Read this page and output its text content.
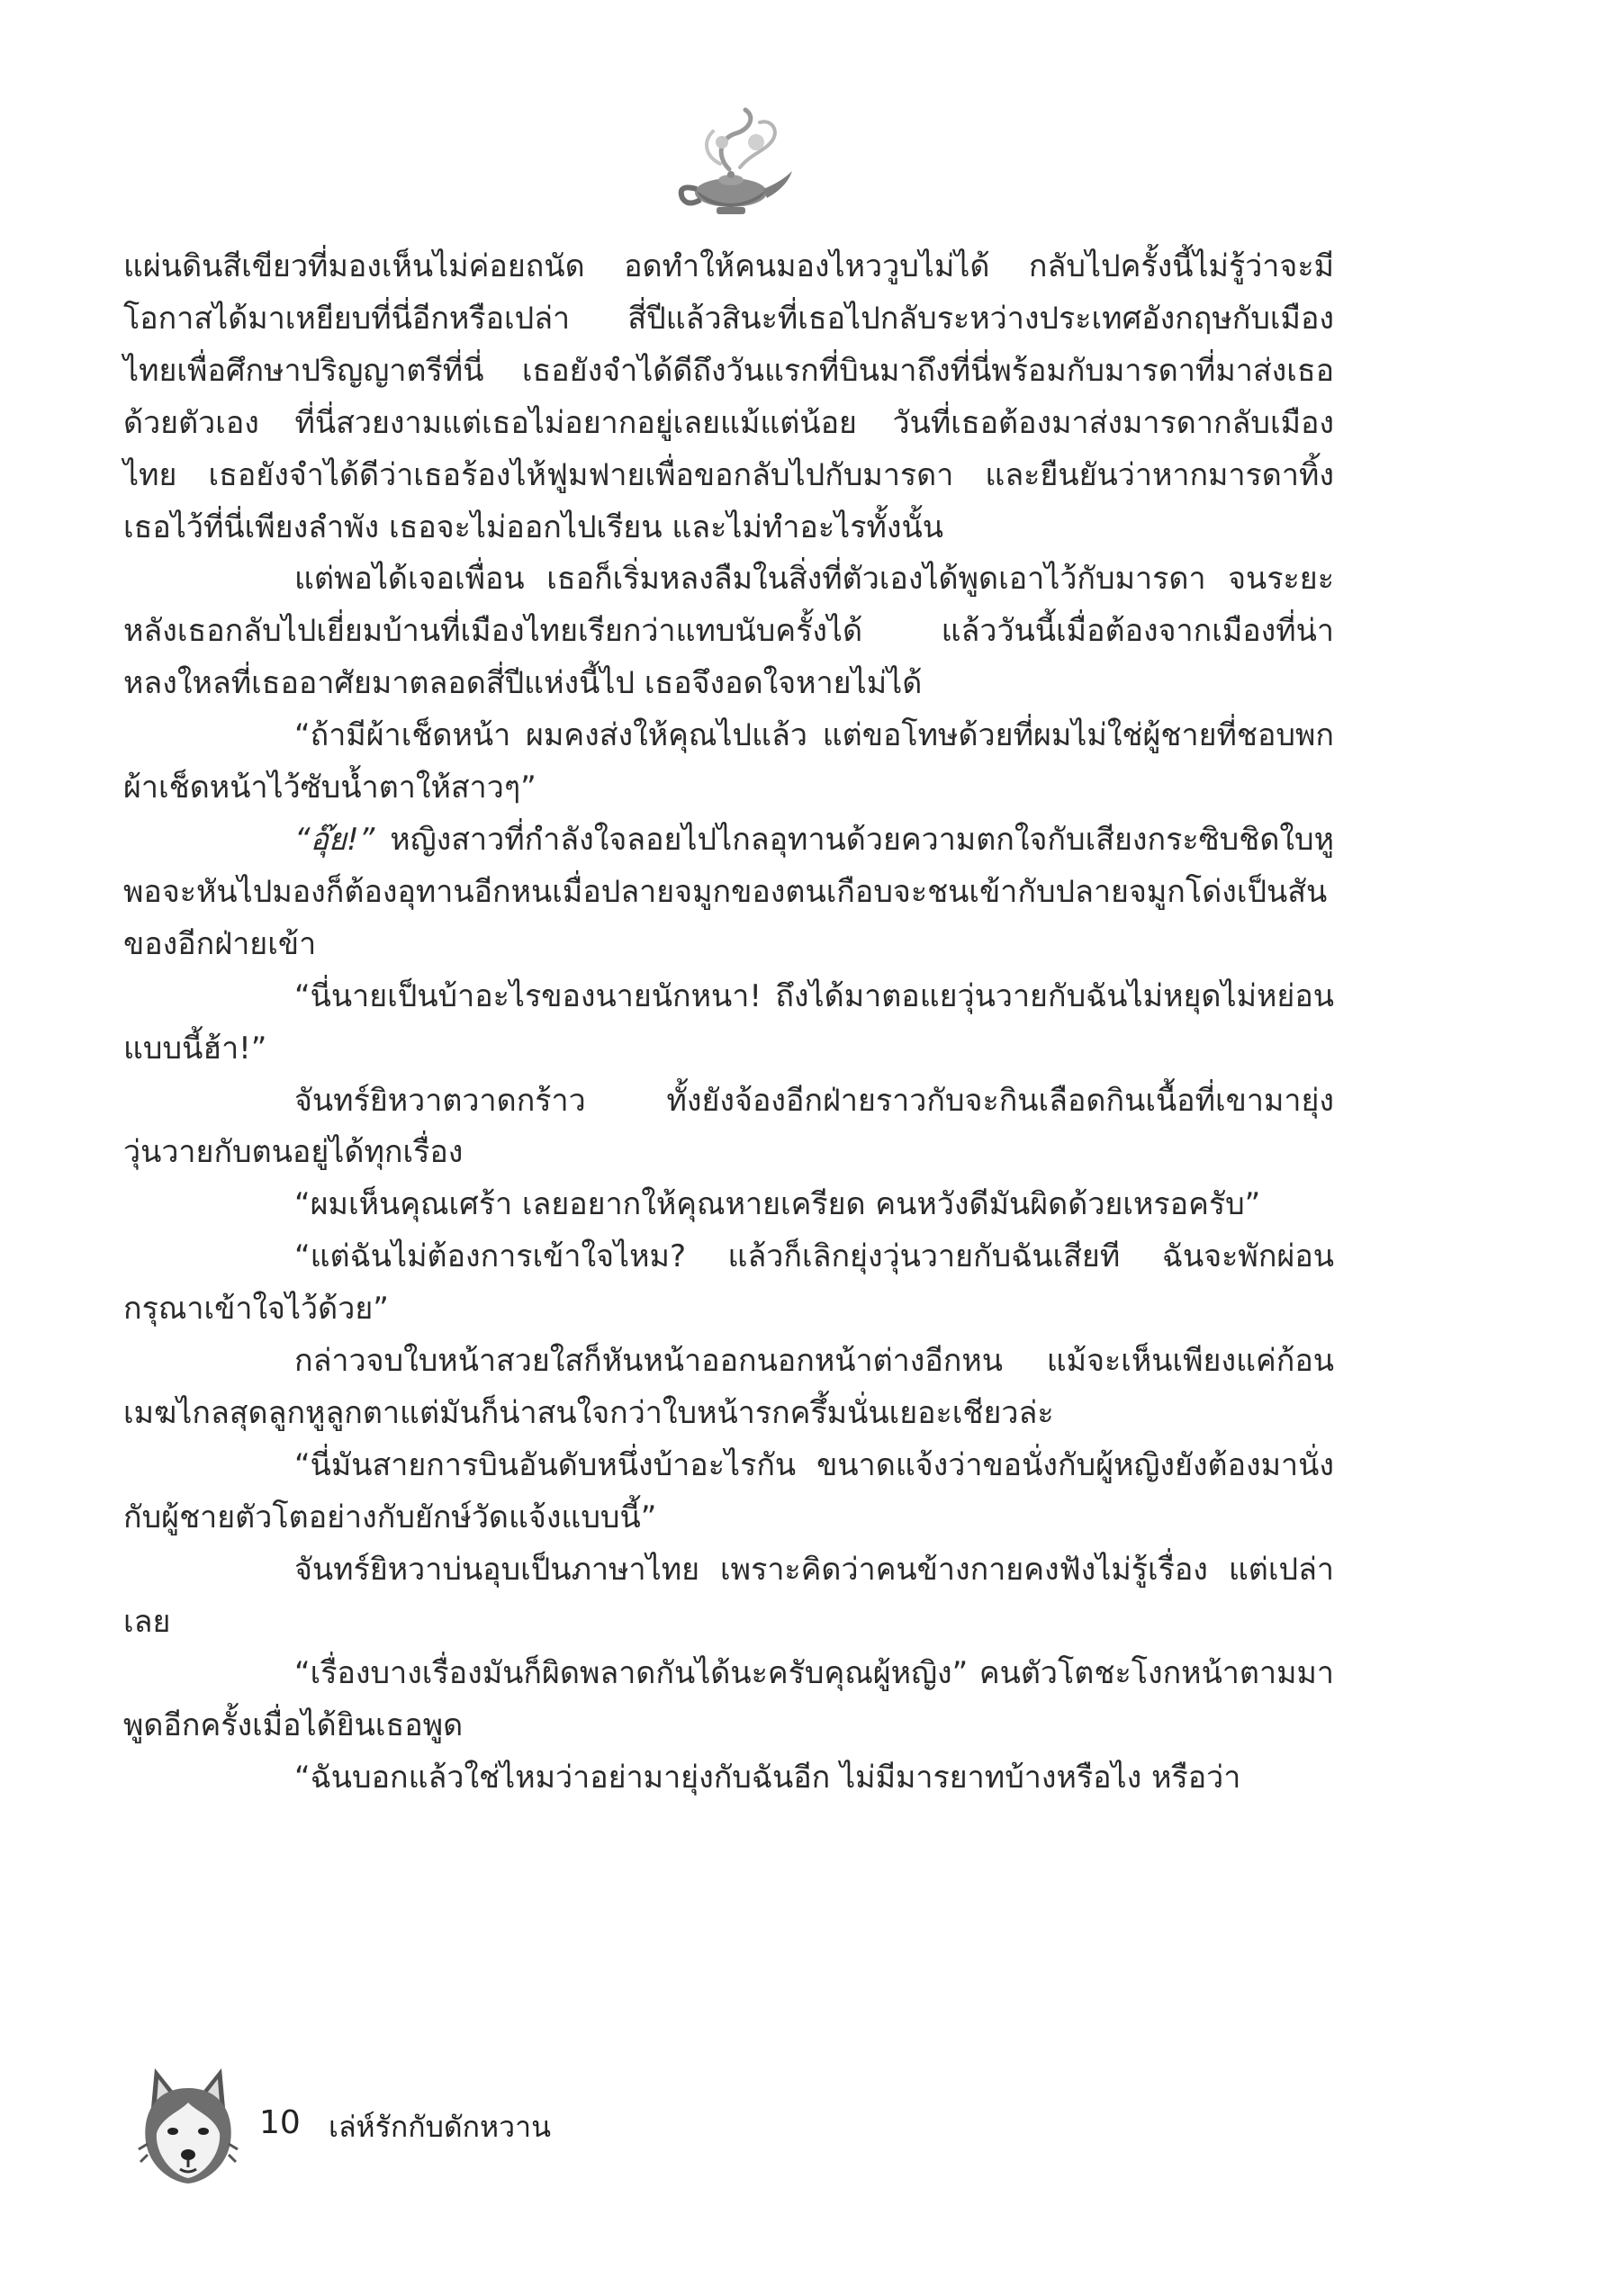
แผ่นดินสีเขียวที่มองเห็นไม่ค่อยถนัด อดทำให้คนมองไหววูบไม่ได้ กลับไปครั้งนี้ไม่รู้ว่าจะมีโอกาสได้มาเหยียบที่นี่อีกหรือเปล่า สี่ปีแล้วสินะที่เธอไปกลับระหว่างประเทศอังกฤษกับเมืองไทยเพื่อศึกษาปริญญาตรีที่นี่ เธอยังจำได้ดีถึงวันแรกที่บินมาถึงที่นี่พร้อมกับมารดาที่มาส่งเธอด้วยตัวเอง ที่นี่สวยงามแต่เธอไม่อยากอยู่เลยแม้แต่น้อย วันที่เธอต้องมาส่งมารดากลับเมืองไทย เธอยังจำได้ดีว่าเธอร้องไห้ฟูมฟายเพื่อขอกลับไปกับมารดา และยืนยันว่าหากมารดาทิ้งเธอไว้ที่นี่เพียงลำพัง เธอจะไม่ออกไปเรียน และไม่ทำอะไรทั้งนั้น

แต่พอได้เจอเพื่อน เธอก็เริ่มหลงลืมในสิ่งที่ตัวเองได้พูดเอาไว้กับมารดา จนระยะหลังเธอกลับไปเยี่ยมบ้านที่เมืองไทยเรียกว่าแทบนับครั้งได้ แล้ววันนี้เมื่อต้องจากเมืองที่น่าหลงใหลที่เธออาศัยมาตลอดสี่ปีแห่งนี้ไป เธอจึงอดใจหายไม่ได้

“ถ้ามีผ้าเช็ดหน้า ผมคงส่งให้คุณไปแล้ว แต่ขอโทษด้วยที่ผมไม่ใช่ผู้ชายที่ชอบพกผ้าเช็ดหน้าไว้ซับน้ำตาให้สาวๆ”

“อุ๊ย!” หญิงสาวที่กำลังใจลอยไปไกลอุทานด้วยความตกใจกับเสียงกระซิบชิดใบหู พอจะหันไปมองก็ต้องอุทานอีกหนเมื่อปลายจมูกของตนเกือบจะชนเข้ากับปลายจมูกโด่งเป็นสันของอีกฝ่ายเข้า

“นี่นายเป็นบ้าอะไรของนายนักหนา! ถึงได้มาตอแยวุ่นวายกับฉันไม่หยุดไม่หย่อนแบบนี้ฮ้า!”

จันทร์ยิหวาตวาดกร้าว ทั้งยังจ้องอีกฝ่ายราวกับจะกินเลือดกินเนื้อที่เขามายุ่งวุ่นวายกับตนอยู่ได้ทุกเรื่อง

“ผมเห็นคุณเศร้า เลยอยากให้คุณหายเครียด คนหวังดีมันผิดด้วยเหรอครับ”

“แต่ฉันไม่ต้องการเข้าใจไหม? แล้วก็เลิกยุ่งวุ่นวายกับฉันเสียที ฉันจะพักผ่อน กรุณาเข้าใจไว้ด้วย”

กล่าวจบใบหน้าสวยใสก็หันหน้าออกนอกหน้าต่างอีกหน แม้จะเห็นเพียงแค่ก้อนเมฆไกลสุดลูกหูลูกตาแต่มันก็น่าสนใจกว่าใบหน้ารกครึ้มนั่นเยอะเชียวล่ะ

“นี่มันสายการบินอันดับหนึ่งบ้าอะไรกัน ขนาดแจ้งว่าขอนั่งกับผู้หญิงยังต้องมานั่งกับผู้ชายตัวโตอย่างกับยักษ์วัดแจ้งแบบนี้”

จันทร์ยิหวาบ่นอุบเป็นภาษาไทย เพราะคิดว่าคนข้างกายคงฟังไม่รู้เรื่อง แต่เปล่าเลย

“เรื่องบางเรื่องมันก็ผิดพลาดกันได้นะครับคุณผู้หญิง” คนตัวโตชะโงกหน้าตามมาพูดอีกครั้งเมื่อได้ยินเธอพูด

“ฉันบอกแล้วใช่ไหมว่าอย่ามายุ่งกับฉันอีก ไม่มีมารยาทบ้างหรือไง หรือว่า

10 เล่ห์รักกับดักหวาน
